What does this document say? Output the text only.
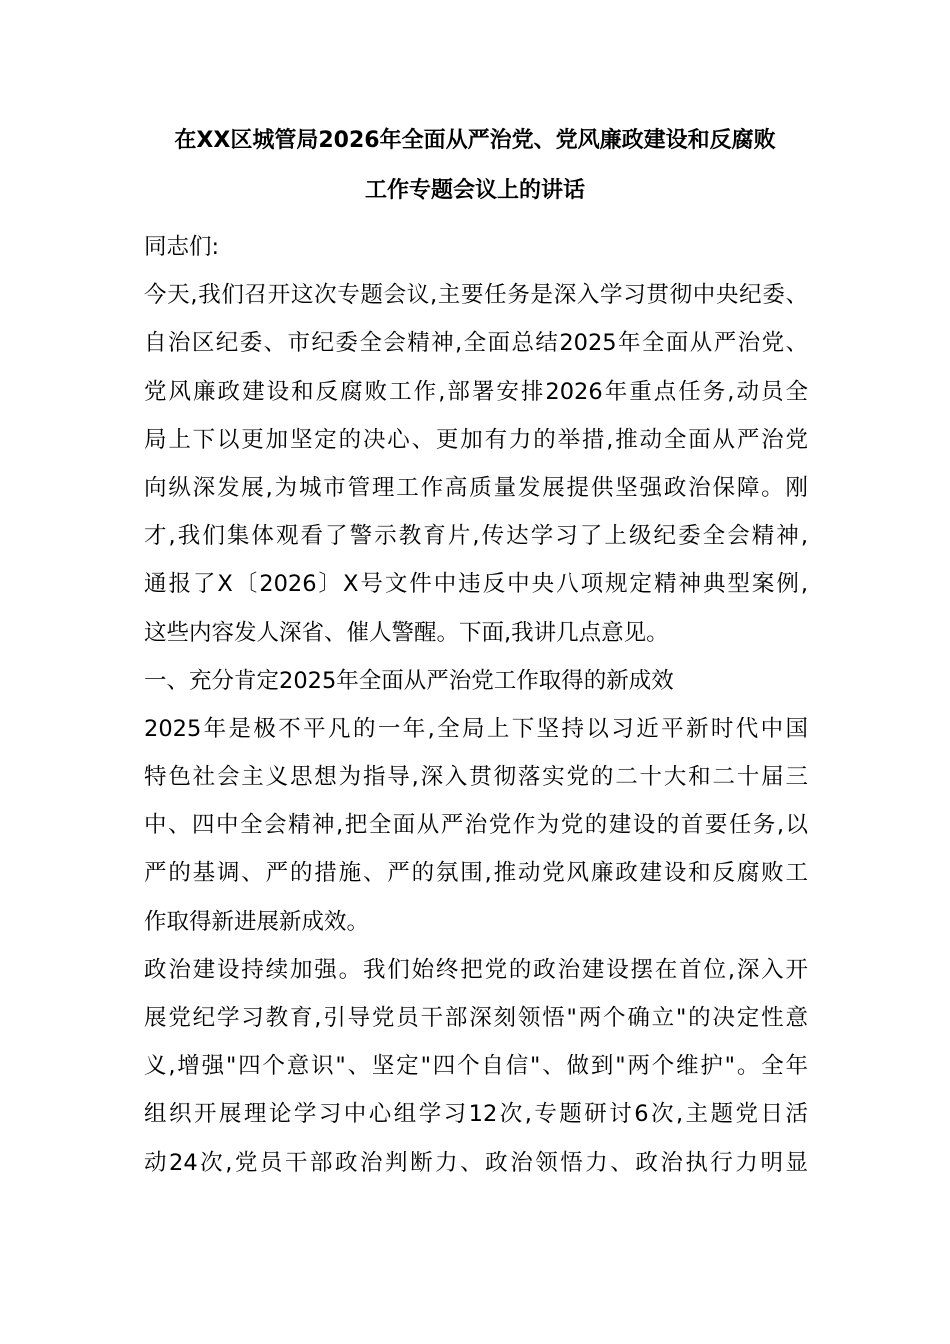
在XX区城管局2026年全面从严治党、党风廉政建设和反腐败
工作专题会议上的讲话
同志们:
今天,我们召开这次专题会议,主要任务是深入学习贯彻中央纪委、
自治区纪委、市纪委全会精神,全面总结2025年全面从严治党、
党风廉政建设和反腐败工作,部署安排2026年重点任务,动员全
局上下以更加坚定的决心、更加有力的举措,推动全面从严治党
向纵深发展,为城市管理工作高质量发展提供坚强政治保障。刚
才,我们集体观看了警示教育片,传达学习了上级纪委全会精神,
通报了X〔2026〕X号文件中违反中央八项规定精神典型案例,
这些内容发人深省、催人警醒。下面,我讲几点意见。
一、充分肯定2025年全面从严治党工作取得的新成效
2025年是极不平凡的一年,全局上下坚持以习近平新时代中国
特色社会主义思想为指导,深入贯彻落实党的二十大和二十届三
中、四中全会精神,把全面从严治党作为党的建设的首要任务,以
严的基调、严的措施、严的氛围,推动党风廉政建设和反腐败工
作取得新进展新成效。
政治建设持续加强。我们始终把党的政治建设摆在首位,深入开
展党纪学习教育,引导党员干部深刻领悟"两个确立"的决定性意
义,增强"四个意识"、坚定"四个自信"、做到"两个维护"。全年
组织开展理论学习中心组学习12次,专题研讨6次,主题党日活
动24次,党员干部政治判断力、政治领悟力、政治执行力明显
